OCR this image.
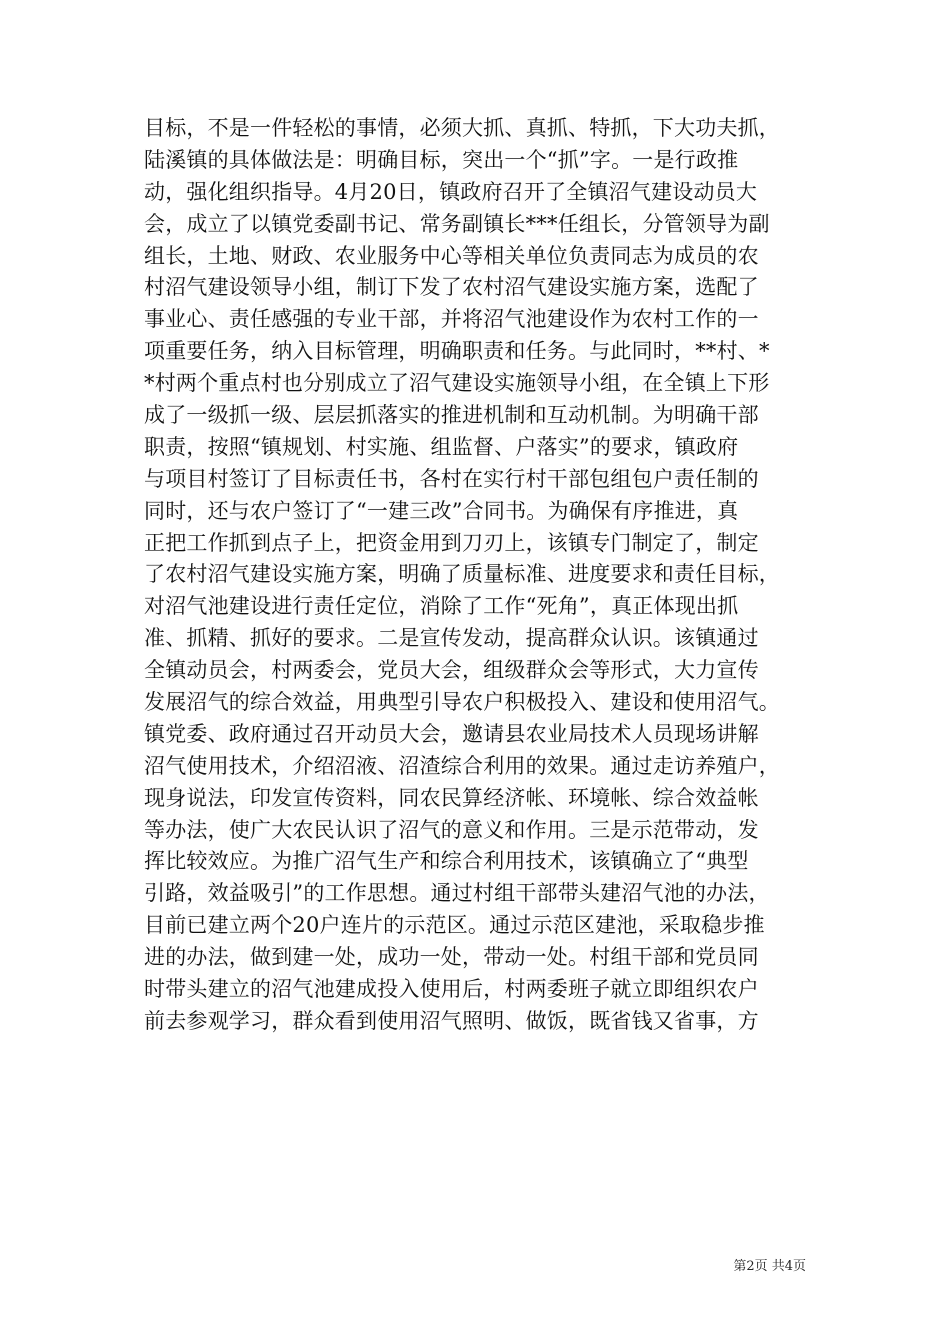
目标，不是一件轻松的事情，必须大抓、真抓、特抓，下大功夫抓，
陆溪镇的具体做法是：明确目标，突出一个“抓”字。一是行政推
动，强化组织指导。4月20日，镇政府召开了全镇沼气建设动员大
会，成立了以镇党委副书记、常务副镇长***任组长，分管领导为副
组长，土地、财政、农业服务中心等相关单位负责同志为成员的农
村沼气建设领导小组，制订下发了农村沼气建设实施方案，选配了
事业心、责任感强的专业干部，并将沼气池建设作为农村工作的一
项重要任务，纳入目标管理，明确职责和任务。与此同时，**村、*
*村两个重点村也分别成立了沼气建设实施领导小组，在全镇上下形
成了一级抓一级、层层抓落实的推进机制和互动机制。为明确干部
职责，按照“镇规划、村实施、组监督、户落实”的要求，镇政府
与项目村签订了目标责任书，各村在实行村干部包组包户责任制的
同时，还与农户签订了“一建三改”合同书。为确保有序推进，真
正把工作抓到点子上，把资金用到刀刃上，该镇专门制定了，制定
了农村沼气建设实施方案，明确了质量标准、进度要求和责任目标，
对沼气池建设进行责任定位，消除了工作“死角”，真正体现出抓
准、抓精、抓好的要求。二是宣传发动，提高群众认识。该镇通过
全镇动员会，村两委会，党员大会，组级群众会等形式，大力宣传
发展沼气的综合效益，用典型引导农户积极投入、建设和使用沼气。
镇党委、政府通过召开动员大会，邀请县农业局技术人员现场讲解
沼气使用技术，介绍沼液、沼渣综合利用的效果。通过走访养殖户，
现身说法，印发宣传资料，同农民算经济帐、环境帐、综合效益帐
等办法，使广大农民认识了沼气的意义和作用。三是示范带动，发
挥比较效应。为推广沼气生产和综合利用技术，该镇确立了“典型
引路，效益吸引”的工作思想。通过村组干部带头建沼气池的办法，
目前已建立两个20户连片的示范区。通过示范区建池，采取稳步推
进的办法，做到建一处，成功一处，带动一处。村组干部和党员同
时带头建立的沼气池建成投入使用后，村两委班子就立即组织农户
前去参观学习，群众看到使用沼气照明、做饭，既省钱又省事，方
第2页 共4页
